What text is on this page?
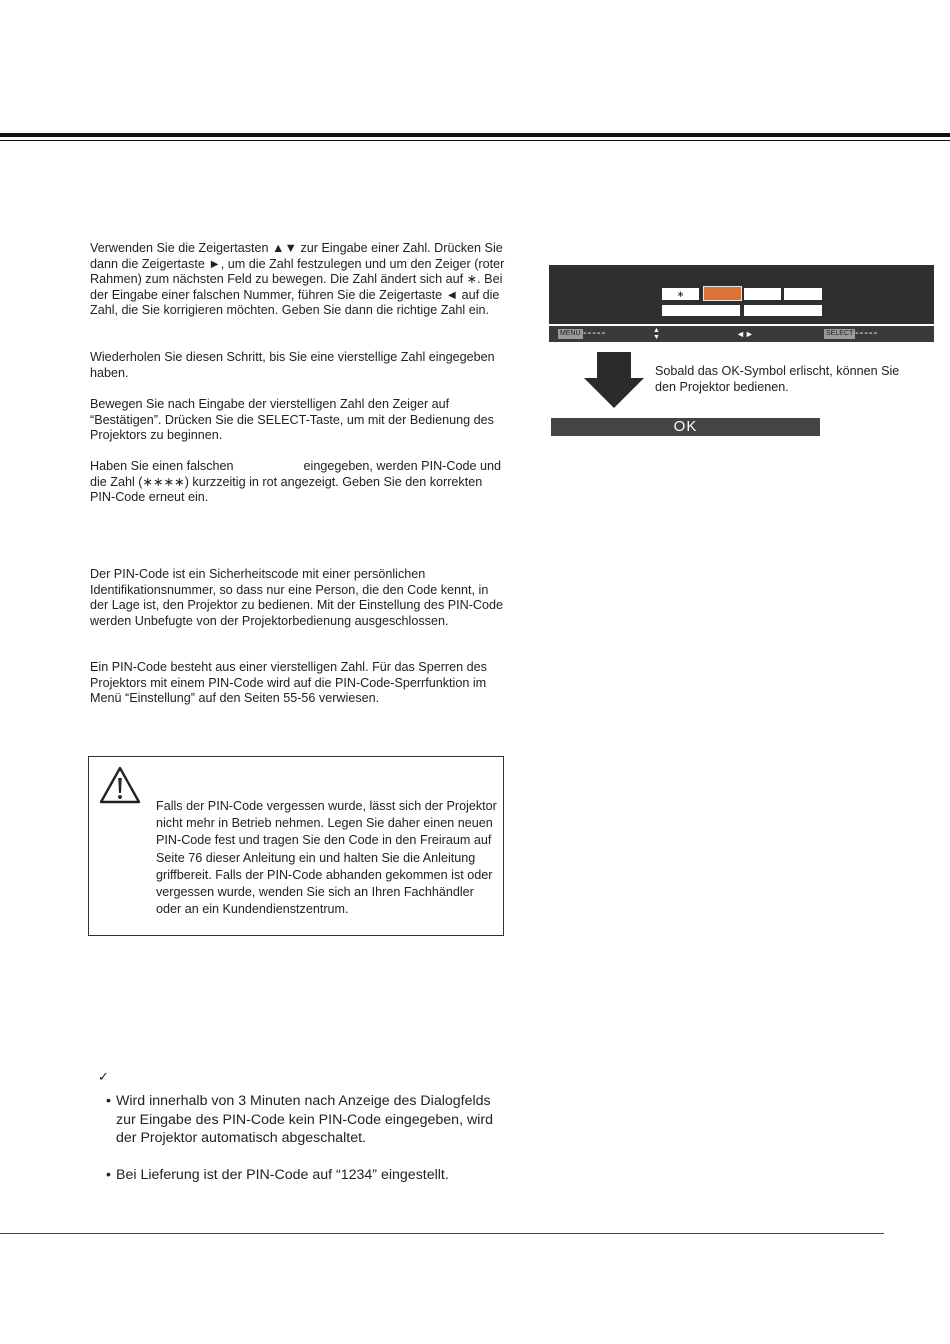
Verwenden Sie die Zeigertasten ▲▼ zur Eingabe einer Zahl. Drücken Sie dann die Zeigertaste ►, um die Zahl festzulegen und um den Zeiger (roter Rahmen) zum nächsten Feld zu bewegen. Die Zahl ändert sich auf ∗. Bei der Eingabe einer falschen Nummer, führen Sie die Zeigertaste ◄ auf die Zahl, die Sie korrigieren möchten. Geben Sie dann die richtige Zahl ein.

Wiederholen Sie diesen Schritt, bis Sie eine vierstellige Zahl eingegeben haben.

Bewegen Sie nach Eingabe der vierstelligen Zahl den Zeiger auf “Bestätigen”. Drücken Sie die SELECT-Taste, um mit der Bedienung des Projektors zu beginnen.

Haben Sie einen falschen	eingegeben, werden PIN-Code und die Zahl (∗∗∗∗) kurzzeitig in rot angezeigt. Geben Sie den korrekten PIN-Code erneut ein.

Der PIN-Code ist ein Sicherheitscode mit einer persönlichen Identifikationsnummer, so dass nur eine Person, die den Code kennt, in der Lage ist, den Projektor zu bedienen. Mit der Einstellung des PIN-Code werden Unbefugte von der Projektorbedienung ausgeschlossen.

Ein PIN-Code besteht aus einer vierstelligen Zahl. Für das Sperren des Projektors mit einem PIN-Code wird auf die PIN-Code-Sperrfunktion im Menü “Einstellung” auf den Seiten 55-56 verwiesen.

Falls der PIN-Code vergessen wurde, lässt sich der Projektor nicht mehr in Betrieb nehmen. Legen Sie daher einen neuen PIN-Code fest und tragen Sie den Code in den Freiraum auf Seite 76 dieser Anleitung ein und halten Sie die Anleitung griffbereit. Falls der PIN-Code abhanden gekommen ist oder vergessen wurde, wenden Sie sich an Ihren Fachhändler oder an ein Kundendienstzentrum.

✓

• Wird innerhalb von 3 Minuten nach Anzeige des Dialogfelds zur Eingabe des PIN-Code kein PIN-Code eingegeben, wird der Projektor automatisch abgeschaltet.

• Bei Lieferung ist der PIN-Code auf “1234” eingestellt.

∗
MENU -----	▲
▼	◄►	SELECT -----

Sobald das OK-Symbol erlischt, können Sie den Projektor bedienen.

OK
